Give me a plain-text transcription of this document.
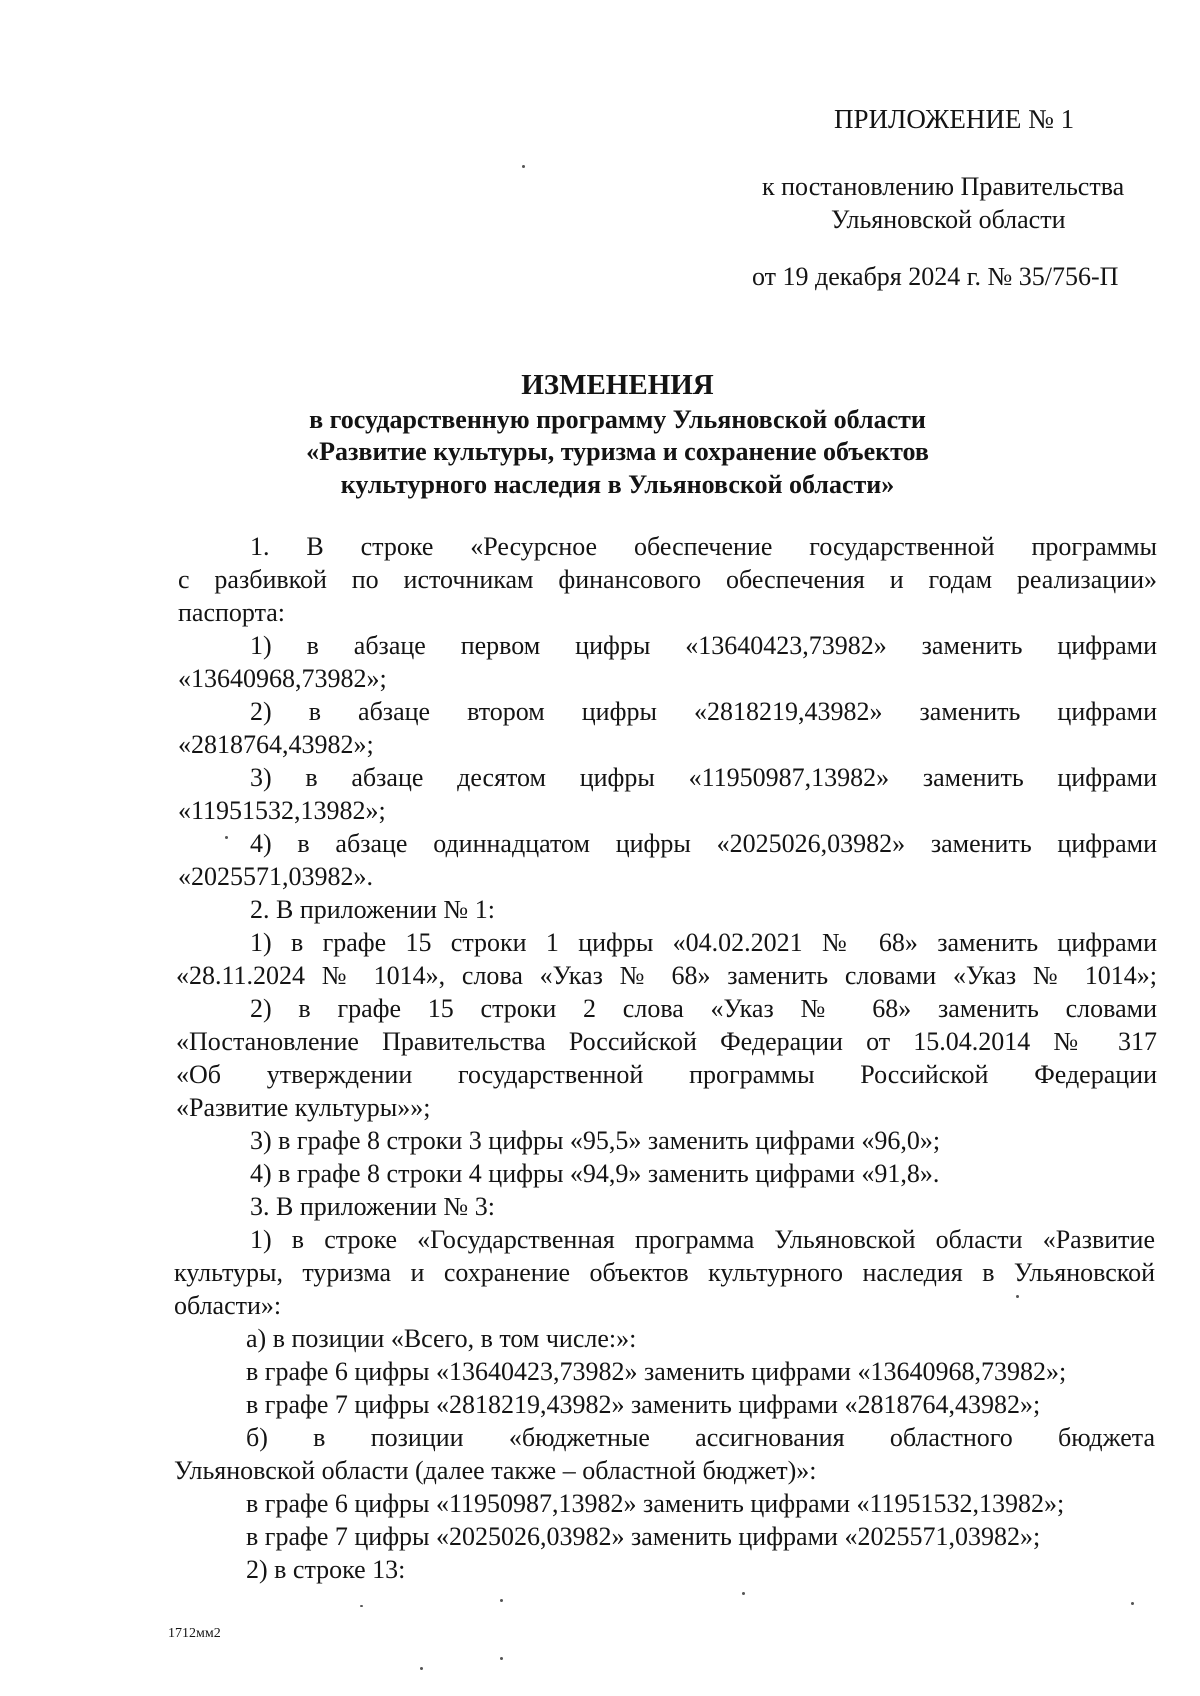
ПРИЛОЖЕНИЕ № 1
к постановлению Правительства
Ульяновской области
от 19 декабря 2024 г. № 35/756-П
ИЗМЕНЕНИЯ
в государственную программу Ульяновской области
«Развитие культуры, туризма и сохранение объектов
культурного наследия в Ульяновской области»
1. В строке «Ресурсное обеспечение государственной программы
с разбивкой по источникам финансового обеспечения и годам реализации»
паспорта:
1) в абзаце первом цифры «13640423,73982» заменить цифрами
«13640968,73982»;
2) в абзаце втором цифры «2818219,43982» заменить цифрами
«2818764,43982»;
3) в абзаце десятом цифры «11950987,13982» заменить цифрами
«11951532,13982»;
4) в абзаце одиннадцатом цифры «2025026,03982» заменить цифрами
«2025571,03982».
2. В приложении № 1:
1) в графе 15 строки 1 цифры «04.02.2021 № 68» заменить цифрами
«28.11.2024 № 1014», слова «Указ № 68» заменить словами «Указ № 1014»;
2) в графе 15 строки 2 слова «Указ № 68» заменить словами
«Постановление Правительства Российской Федерации от 15.04.2014 № 317
«Об утверждении государственной программы Российской Федерации
«Развитие культуры»»;
3) в графе 8 строки 3 цифры «95,5» заменить цифрами «96,0»;
4) в графе 8 строки 4 цифры «94,9» заменить цифрами «91,8».
3. В приложении № 3:
1) в строке «Государственная программа Ульяновской области «Развитие
культуры, туризма и сохранение объектов культурного наследия в Ульяновской
области»:
а) в позиции «Всего, в том числе:»:
в графе 6 цифры «13640423,73982» заменить цифрами «13640968,73982»;
в графе 7 цифры «2818219,43982» заменить цифрами «2818764,43982»;
б) в позиции «бюджетные ассигнования областного бюджета
Ульяновской области (далее также – областной бюджет)»:
в графе 6 цифры «11950987,13982» заменить цифрами «11951532,13982»;
в графе 7 цифры «2025026,03982» заменить цифрами «2025571,03982»;
2) в строке 13:
1712мм2
